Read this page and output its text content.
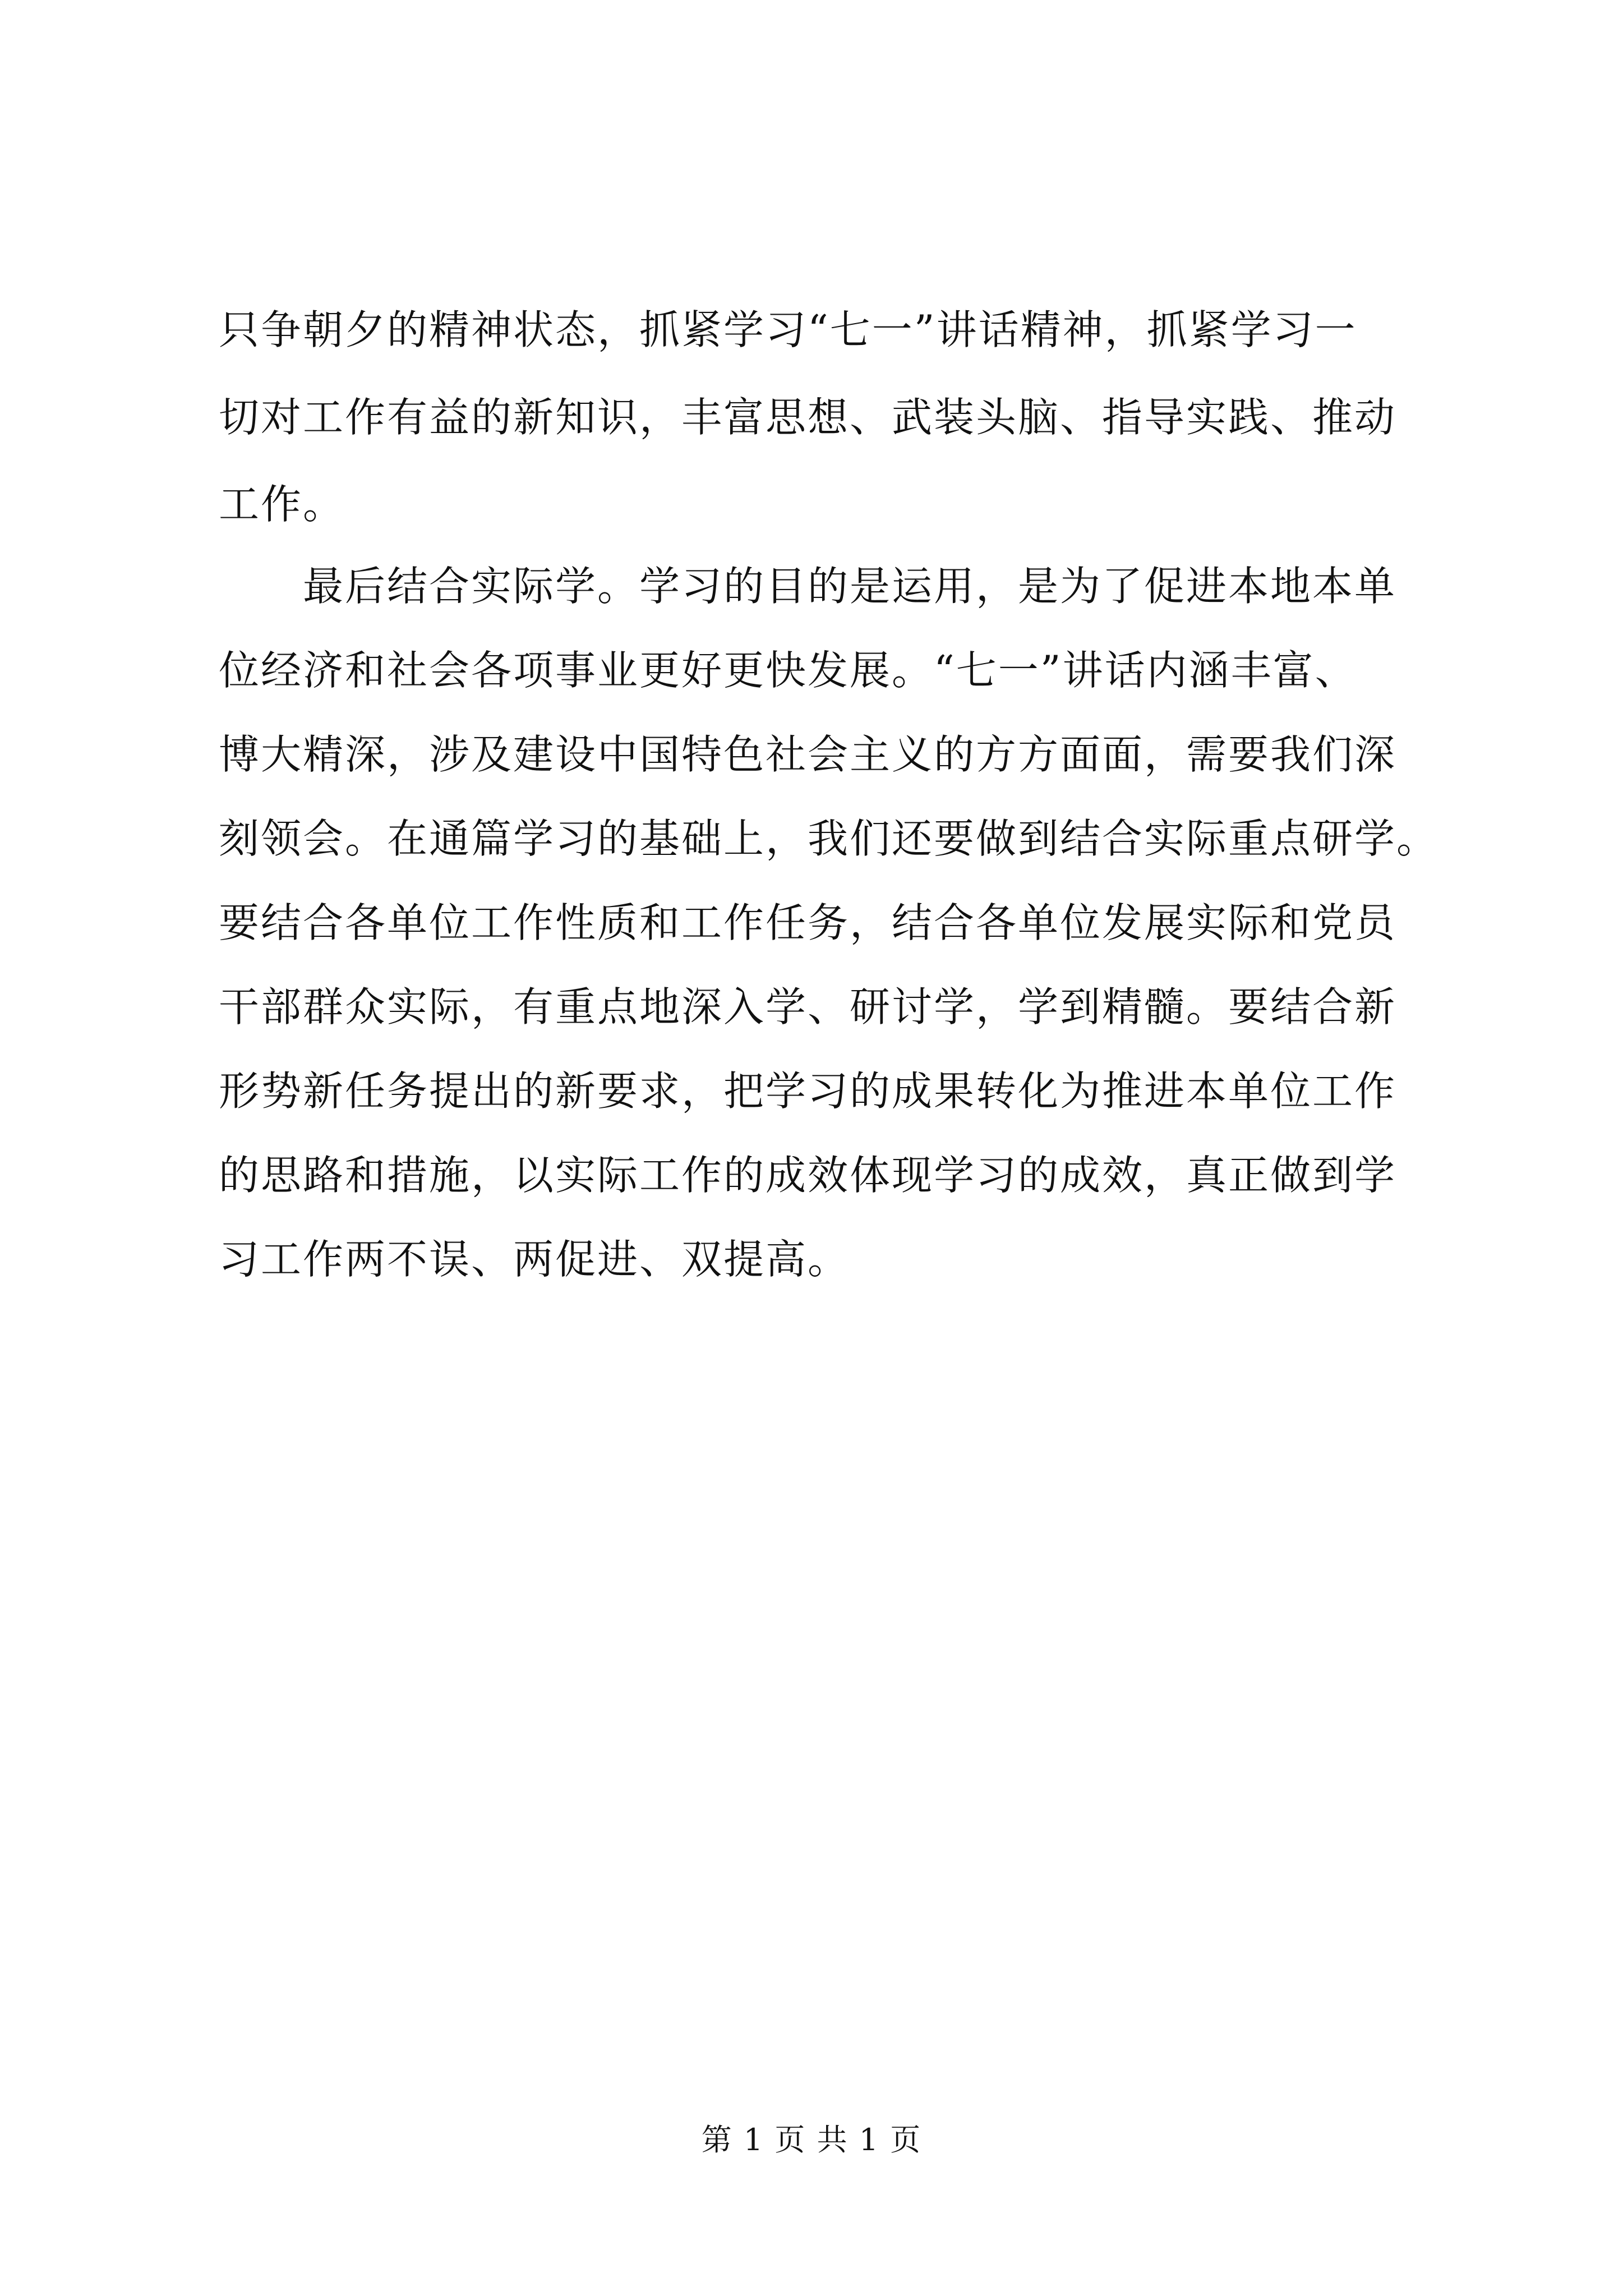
只争朝夕的精神状态，抓紧学习“七一”讲话精神，抓紧学习一
切对工作有益的新知识，丰富思想、武装头脑、指导实践、推动
工作。
最后结合实际学。学习的目的是运用，是为了促进本地本单
位经济和社会各项事业更好更快发展。“七一”讲话内涵丰富、
博大精深，涉及建设中国特色社会主义的方方面面，需要我们深
刻领会。在通篇学习的基础上，我们还要做到结合实际重点研学。
要结合各单位工作性质和工作任务，结合各单位发展实际和党员
干部群众实际，有重点地深入学、研讨学，学到精髓。要结合新
形势新任务提出的新要求，把学习的成果转化为推进本单位工作
的思路和措施，以实际工作的成效体现学习的成效，真正做到学
习工作两不误、两促进、双提高。
第 1 页 共 1 页
